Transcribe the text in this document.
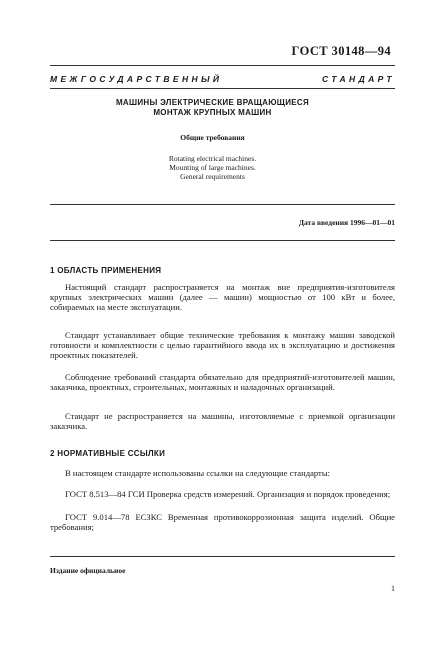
ГОСТ 30148—94
МЕЖГОСУДАРСТВЕННЫЙ СТАНДАРТ
МАШИНЫ ЭЛЕКТРИЧЕСКИЕ ВРАЩАЮЩИЕСЯ
МОНТАЖ КРУПНЫХ МАШИН
Общие требования
Rotating electrical machines.
Mounting of large machines.
General requirements
Дата введения 1996—01—01
1 ОБЛАСТЬ ПРИМЕНЕНИЯ

Настоящий стандарт распространяется на монтаж вне предприятия-изготовителя крупных электрических машин (далее — машин) мощностью от 100 кВт и более, собираемых на месте эксплуатации.

Стандарт устанавливает общие технические требования к монтажу машин заводской готовности и комплектности с целью гарантийного ввода их в эксплуатацию и достижения проектных показателей.

Соблюдение требований стандарта обязательно для предприятий-изготовителей машин, заказчика, проектных, строительных, монтажных и наладочных организаций.

Стандарт не распространяется на машины, изготовляемые с приемкой организации заказчика.

2 НОРМАТИВНЫЕ ССЫЛКИ

В настоящем стандарте использованы ссылки на следующие стандарты:

ГОСТ 8.513—84 ГСИ Проверка средств измерений. Организация и порядок проведения;

ГОСТ 9.014—78 ЕСЗКС Временная противокоррозионная защита изделий. Общие требования;

Издание официальное
1
